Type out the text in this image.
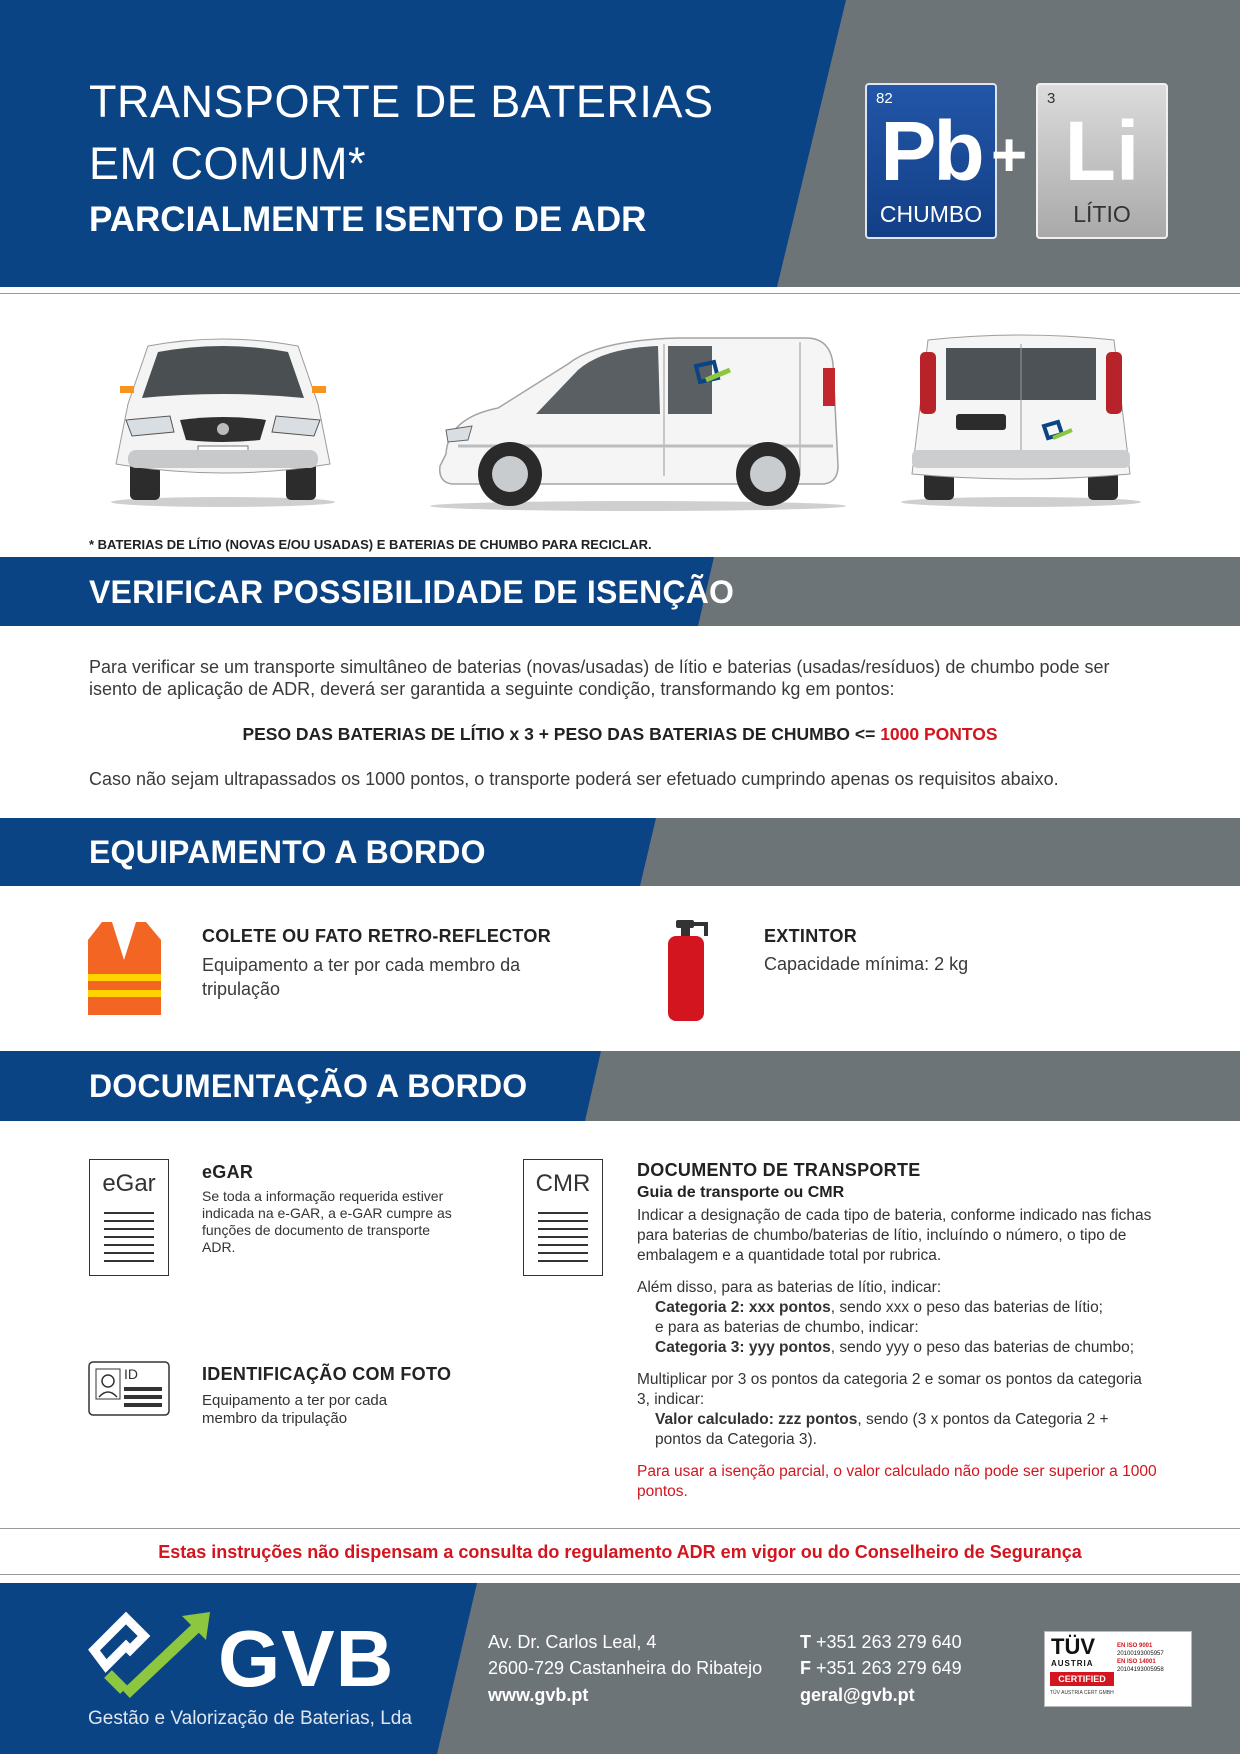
TRANSPORTE DE BATERIAS
EM COMUM*
PARCIALMENTE ISENTO DE ADR
82
Pb
CHUMBO
+
3
Li
LÍTIO
* BATERIAS DE LÍTIO (NOVAS E/OU USADAS) E BATERIAS DE CHUMBO PARA RECICLAR.
VERIFICAR POSSIBILIDADE DE ISENÇÃO
Para verificar se um transporte simultâneo de baterias (novas/usadas) de lítio e baterias (usadas/resíduos) de chumbo pode ser isento de aplicação de ADR, deverá ser garantida a seguinte condição, transformando kg em pontos:
PESO DAS BATERIAS DE LÍTIO x 3 + PESO DAS BATERIAS DE CHUMBO <= 1000 PONTOS
Caso não sejam ultrapassados os 1000 pontos, o transporte poderá ser efetuado cumprindo apenas os requisitos abaixo.
EQUIPAMENTO A BORDO
COLETE OU FATO RETRO-REFLECTOR
Equipamento a ter por cada membro da tripulação
EXTINTOR
Capacidade mínima: 2 kg
DOCUMENTAÇÃO A BORDO
eGar	eGAR
Se toda a informação requerida estiver indicada na e-GAR, a e-GAR cumpre as funções de documento de transporte ADR.
ID	IDENTIFICAÇÃO COM FOTO
Equipamento a ter por cada membro da tripulação
CMR	DOCUMENTO DE TRANSPORTE
Guia de transporte ou CMR
Indicar a designação de cada tipo de bateria, conforme indicado nas fichas para baterias de chumbo/baterias de lítio, incluíndo o número, o tipo de embalagem e a quantidade total por rubrica.
Além disso, para as baterias de lítio, indicar:
Categoria 2: xxx pontos, sendo xxx o peso das baterias de lítio;
e para as baterias de chumbo, indicar:
Categoria 3: yyy pontos, sendo yyy o peso das baterias de chumbo;
Multiplicar por 3 os pontos da categoria 2 e somar os pontos da categoria 3, indicar:
Valor calculado: zzz pontos, sendo (3 x pontos da Categoria 2 + pontos da Categoria 3).
Para usar a isenção parcial, o valor calculado não pode ser superior a 1000 pontos.
Estas instruções não dispensam a consulta do regulamento ADR em vigor ou do Conselheiro de Segurança
GVB
Gestão e Valorização de Baterias, Lda
Av. Dr. Carlos Leal, 4
2600-729 Castanheira do Ribatejo
www.gvb.pt
T +351 263 279 640
F +351 263 279 649
geral@gvb.pt
TÜV
AUSTRIA
CERTIFIED
TÜV AUSTRIA CERT GMBH
EN ISO 9001
20100193005957
EN ISO 14001
20104193005958
